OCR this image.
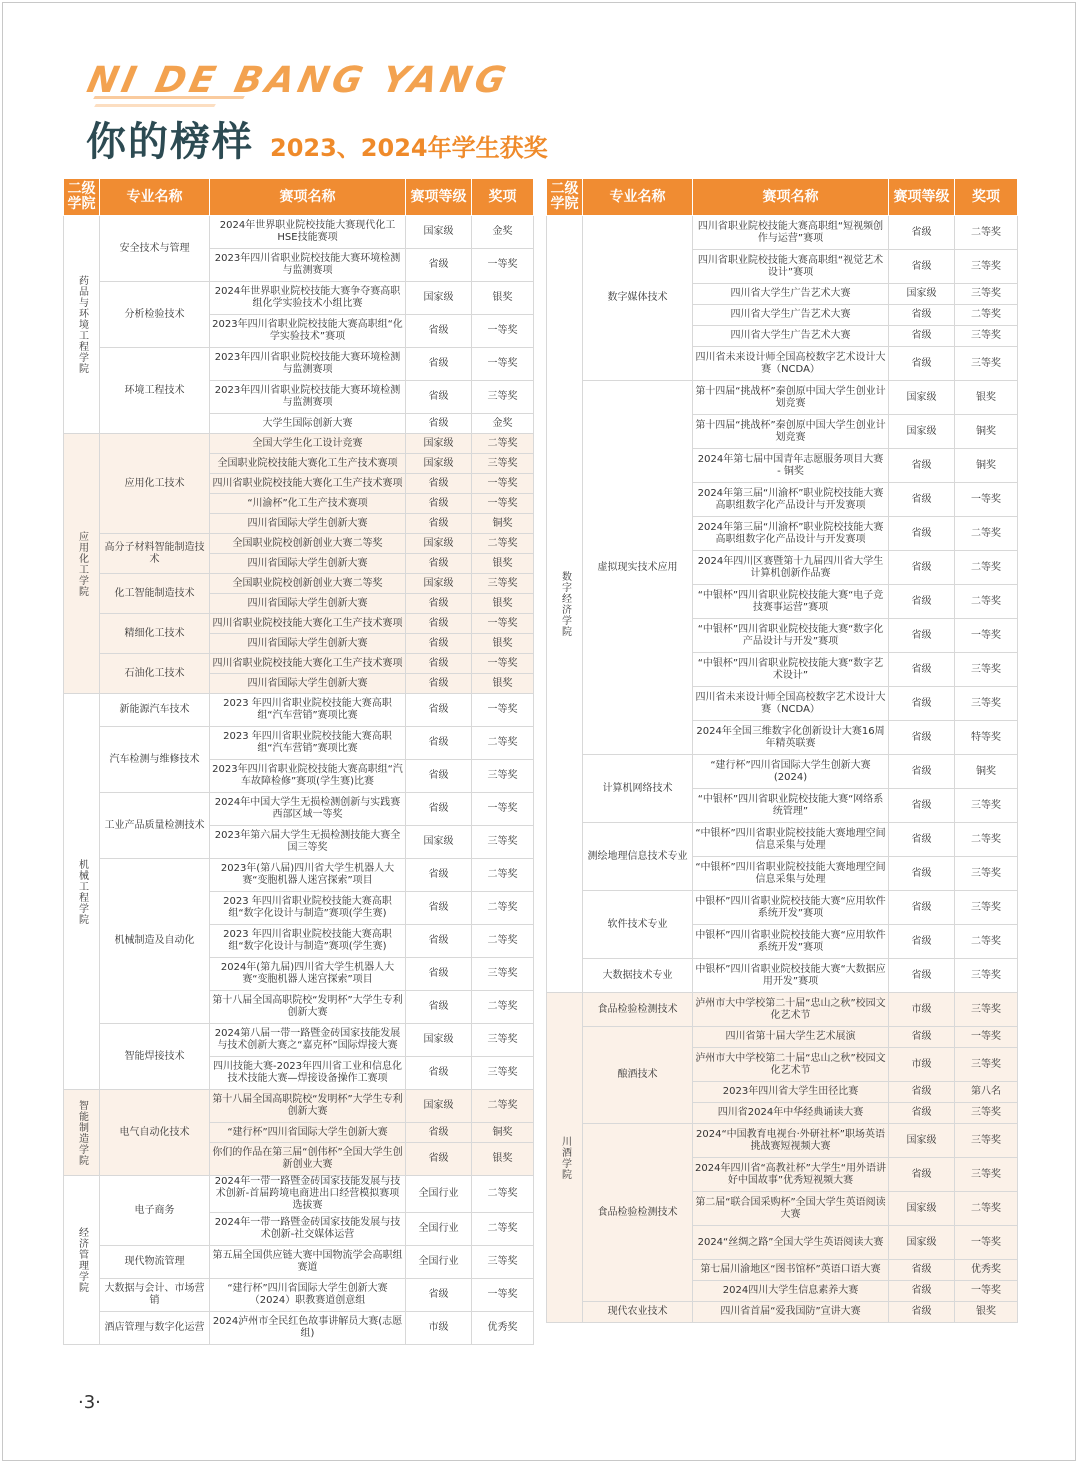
NI DE BANG YANG
你的榜样 2023、2024年学生获奖
二级学院	专业名称	赛项名称	赛项等级	奖项
药品与环境工程学院	安全技术与管理	2024年世界职业院校技能大赛现代化工HSE技能赛项	国家级	金奖
		2023年四川省职业院校技能大赛环境检测与监测赛项	省级	一等奖
	分析检验技术	2024年世界职业院校技能大赛争夺赛高职组化学实验技术小组比赛	国家级	银奖
		2023年四川省职业院校技能大赛高职组“化学实验技术”赛项	省级	一等奖
	环境工程技术	2023年四川省职业院校技能大赛环境检测与监测赛项	省级	一等奖
		2023年四川省职业院校技能大赛环境检测与监测赛项	省级	三等奖
		大学生国际创新大赛	省级	金奖
应用化工学院	应用化工技术	全国大学生化工设计竞赛	国家级	二等奖
		全国职业院校技能大赛化工生产技术赛项	国家级	三等奖
		四川省职业院校技能大赛化工生产技术赛项	省级	一等奖
		“川渝杯”化工生产技术赛项	省级	一等奖
		四川省国际大学生创新大赛	省级	铜奖
	高分子材料智能制造技术	全国职业院校创新创业大赛二等奖	国家级	二等奖
		四川省国际大学生创新大赛	省级	银奖
	化工智能制造技术	全国职业院校创新创业大赛二等奖	国家级	三等奖
		四川省国际大学生创新大赛	省级	银奖
	精细化工技术	四川省职业院校技能大赛化工生产技术赛项	省级	一等奖
		四川省国际大学生创新大赛	省级	银奖
	石油化工技术	四川省职业院校技能大赛化工生产技术赛项	省级	一等奖
		四川省国际大学生创新大赛	省级	银奖
机械工程学院	新能源汽车技术	2023 年四川省职业院校技能大赛高职组“汽车营销”赛项比赛	省级	一等奖
	汽车检测与维修技术	2023 年四川省职业院校技能大赛高职组“汽车营销”赛项比赛	省级	二等奖
		2023年四川省职业院校技能大赛高职组“汽车故障检修”赛项(学生赛)比赛	省级	三等奖
	工业产品质量检测技术	2024年中国大学生无损检测创新与实践赛西部区域一等奖	省级	一等奖
		2023年第六届大学生无损检测技能大赛全国三等奖	国家级	三等奖
	机械制造及自动化	2023年(第八届)四川省大学生机器人大赛“变胞机器人迷宫探索”项目	省级	二等奖
		2023 年四川省职业院校技能大赛高职组“数字化设计与制造”赛项(学生赛)	省级	二等奖
		2023 年四川省职业院校技能大赛高职组“数字化设计与制造”赛项(学生赛)	省级	二等奖
		2024年(第九届)四川省大学生机器人大赛“变胞机器人迷宫探索”项目	省级	三等奖
		第十八届全国高职院校“发明杯”大学生专利创新大赛	省级	二等奖
	智能焊接技术	2024第八届一带一路暨金砖国家技能发展与技术创新大赛之“嘉克杯”国际焊接大赛	国家级	三等奖
		四川技能大赛-2023年四川省工业和信息化技术技能大赛—焊接设备操作工赛项	省级	三等奖
智能制造学院	电气自动化技术	第十八届全国高职院校“发明杯”大学生专利创新大赛	国家级	二等奖
		“建行杯”四川省国际大学生创新大赛	省级	铜奖
		你们的作品在第三届“创伟杯”全国大学生创新创业大赛	省级	银奖
经济管理学院	电子商务	2024年一带一路暨金砖国家技能发展与技术创新-首届跨境电商进出口经营模拟赛项选拔赛	全国行业	二等奖
		2024年一带一路暨金砖国家技能发展与技术创新-社交媒体运营	全国行业	二等奖
	现代物流管理	第五届全国供应链大赛中国物流学会高职组赛道	全国行业	三等奖
	大数据与会计、市场营销	“建行杯”四川省国际大学生创新大赛（2024）职教赛道创意组	省级	一等奖
	酒店管理与数字化运营	2024泸州市全民红色故事讲解员大赛(志愿组)	市级	优秀奖
二级学院	专业名称	赛项名称	赛项等级	奖项
数字经济学院	数字媒体技术	四川省职业院校技能大赛高职组“短视频创作与运营”赛项	省级	二等奖
		四川省职业院校技能大赛高职组“视觉艺术设计”赛项	省级	三等奖
		四川省大学生广告艺术大赛	国家级	三等奖
		四川省大学生广告艺术大赛	省级	二等奖
		四川省大学生广告艺术大赛	省级	三等奖
		四川省未来设计师全国高校数字艺术设计大赛（NCDA）	省级	三等奖
	虚拟现实技术应用	第十四届“挑战杯”秦创原中国大学生创业计划竞赛	国家级	银奖
		第十四届“挑战杯”秦创原中国大学生创业计划竞赛	国家级	铜奖
		2024年第七届中国青年志愿服务项目大赛 - 铜奖	省级	铜奖
		2024年第三届“川渝杯”职业院校技能大赛高职组数字化产品设计与开发赛项	省级	一等奖
		2024年第三届“川渝杯”职业院校技能大赛高职组数字化产品设计与开发赛项	省级	二等奖
		2024年四川区赛暨第十九届四川省大学生计算机创新作品赛	省级	二等奖
		“中银杯”四川省职业院校技能大赛“电子竞技赛事运营”赛项	省级	二等奖
		“中银杯”四川省职业院校技能大赛“数字化产品设计与开发”赛项	省级	一等奖
		“中银杯”四川省职业院校技能大赛“数字艺术设计”	省级	三等奖
		四川省未来设计师全国高校数字艺术设计大赛（NCDA）	省级	三等奖
		2024年全国三维数字化创新设计大赛16周年精英联赛	省级	特等奖
	计算机网络技术	“建行杯”四川省国际大学生创新大赛(2024)	省级	铜奖
		“中银杯”四川省职业院校技能大赛“网络系统管理”	省级	三等奖
	测绘地理信息技术专业	“中银杯”四川省职业院校技能大赛地理空间信息采集与处理	省级	二等奖
		“中银杯”四川省职业院校技能大赛地理空间信息采集与处理	省级	三等奖
	软件技术专业	中银杯”四川省职业院校技能大赛“应用软件系统开发”赛项	省级	三等奖
		中银杯”四川省职业院校技能大赛“应用软件系统开发”赛项	省级	二等奖
	大数据技术专业	中银杯”四川省职业院校技能大赛“大数据应用开发”赛项	省级	三等奖
川酒学院	食品检验检测技术	泸州市大中学校第二十届“忠山之秋”校园文化艺术节	市级	三等奖
	酿酒技术	四川省第十届大学生艺术展演	省级	一等奖
		泸州市大中学校第二十届“忠山之秋”校园文化艺术节	市级	三等奖
		2023年四川省大学生田径比赛	省级	第八名
		四川省2024年中华经典诵读大赛	省级	三等奖
	食品检验检测技术	2024“中国教育电视台·外研社杯”职场英语挑战赛短视频大赛	国家级	三等奖
		2024年四川省“高教社杯”大学生“用外语讲好中国故事”优秀短视频大赛	省级	三等奖
		第二届“联合国采购杯”全国大学生英语阅读大赛	国家级	二等奖
		2024“丝绸之路”全国大学生英语阅读大赛	国家级	一等奖
		第七届川渝地区“图书馆杯”英语口语大赛	省级	优秀奖
		2024四川大学生信息素养大赛	省级	一等奖
	现代农业技术	四川省首届“爱我国防”宣讲大赛	省级	银奖
·3·
